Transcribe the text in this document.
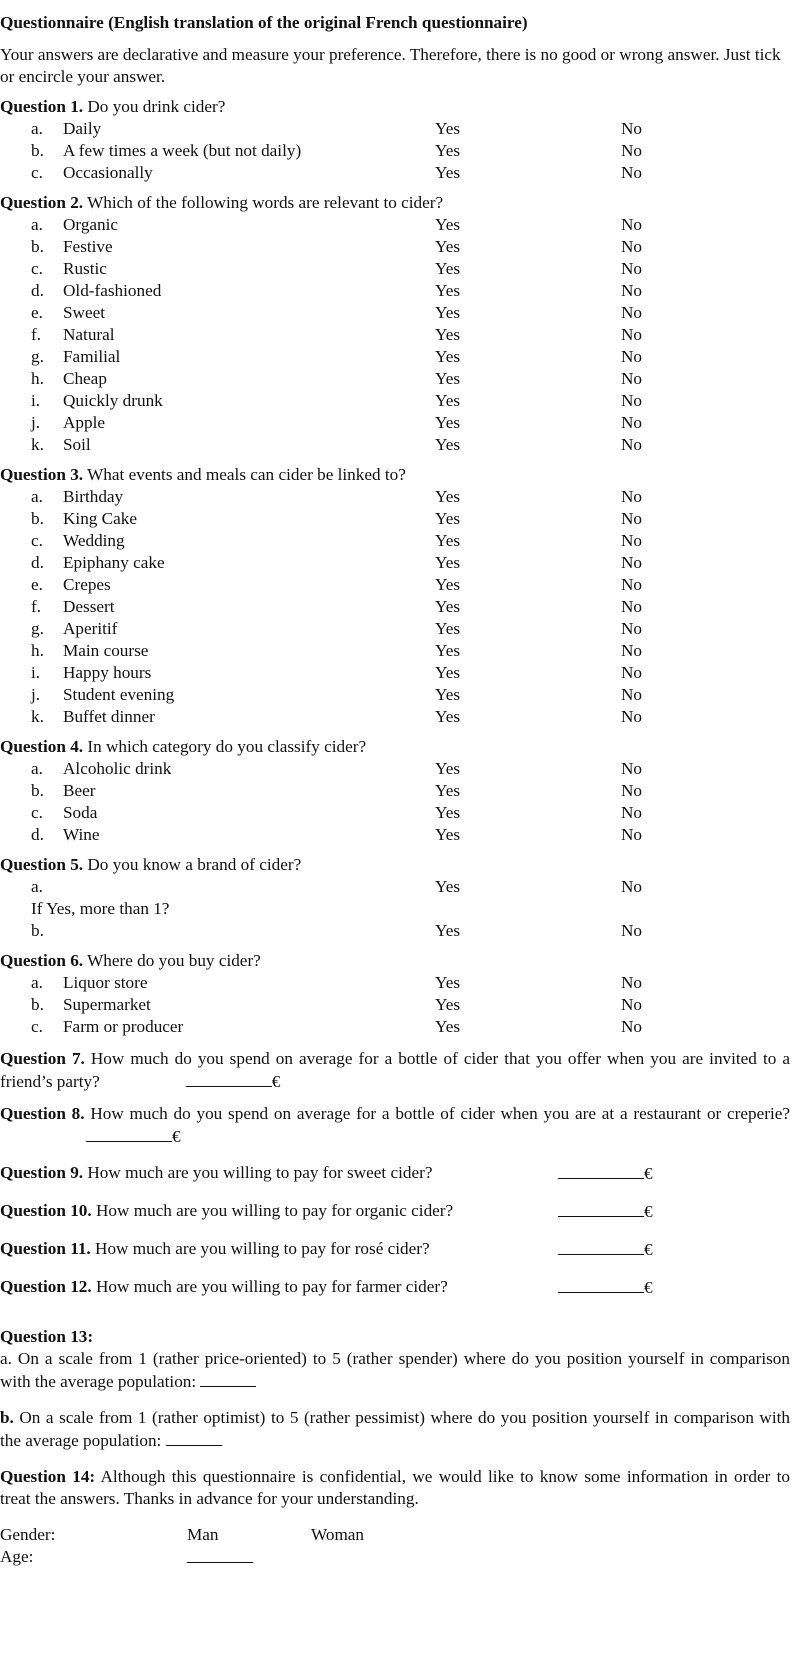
Questionnaire (English translation of the original French questionnaire)
Your answers are declarative and measure your preference. Therefore, there is no good or wrong answer. Just tick or encircle your answer.
Question 1. Do you drink cider?
a. Daily	Yes	No
b. A few times a week (but not daily)	Yes	No
c. Occasionally	Yes	No
Question 2. Which of the following words are relevant to cider?
a. Organic	Yes	No
b. Festive	Yes	No
c. Rustic	Yes	No
d. Old-fashioned	Yes	No
e. Sweet	Yes	No
f. Natural	Yes	No
g. Familial	Yes	No
h. Cheap	Yes	No
i. Quickly drunk	Yes	No
j. Apple	Yes	No
k. Soil	Yes	No
Question 3. What events and meals can cider be linked to?
a. Birthday	Yes	No
b. King Cake	Yes	No
c. Wedding	Yes	No
d. Epiphany cake	Yes	No
e. Crepes	Yes	No
f. Dessert	Yes	No
g. Aperitif	Yes	No
h. Main course	Yes	No
i. Happy hours	Yes	No
j. Student evening	Yes	No
k. Buffet dinner	Yes	No
Question 4. In which category do you classify cider?
a. Alcoholic drink	Yes	No
b. Beer	Yes	No
c. Soda	Yes	No
d. Wine	Yes	No
Question 5. Do you know a brand of cider?
a.	Yes	No
If Yes, more than 1?
b.	Yes	No
Question 6. Where do you buy cider?
a. Liquor store	Yes	No
b. Supermarket	Yes	No
c. Farm or producer	Yes	No
Question 7. How much do you spend on average for a bottle of cider that you offer when you are invited to a friend’s party?	€
Question 8. How much do you spend on average for a bottle of cider when you are at a restaurant or creperie?€
Question 9. How much are you willing to pay for sweet cider?	€
Question 10. How much are you willing to pay for organic cider?	€
Question 11. How much are you willing to pay for rosé cider?	€
Question 12. How much are you willing to pay for farmer cider?	€
Question 13:
a. On a scale from 1 (rather price-oriented) to 5 (rather spender) where do you position yourself in comparison with the average population:
b. On a scale from 1 (rather optimist) to 5 (rather pessimist) where do you position yourself in comparison with the average population:
Question 14: Although this questionnaire is confidential, we would like to know some information in order to treat the answers. Thanks in advance for your understanding.
Gender:	Man	Woman
Age:
